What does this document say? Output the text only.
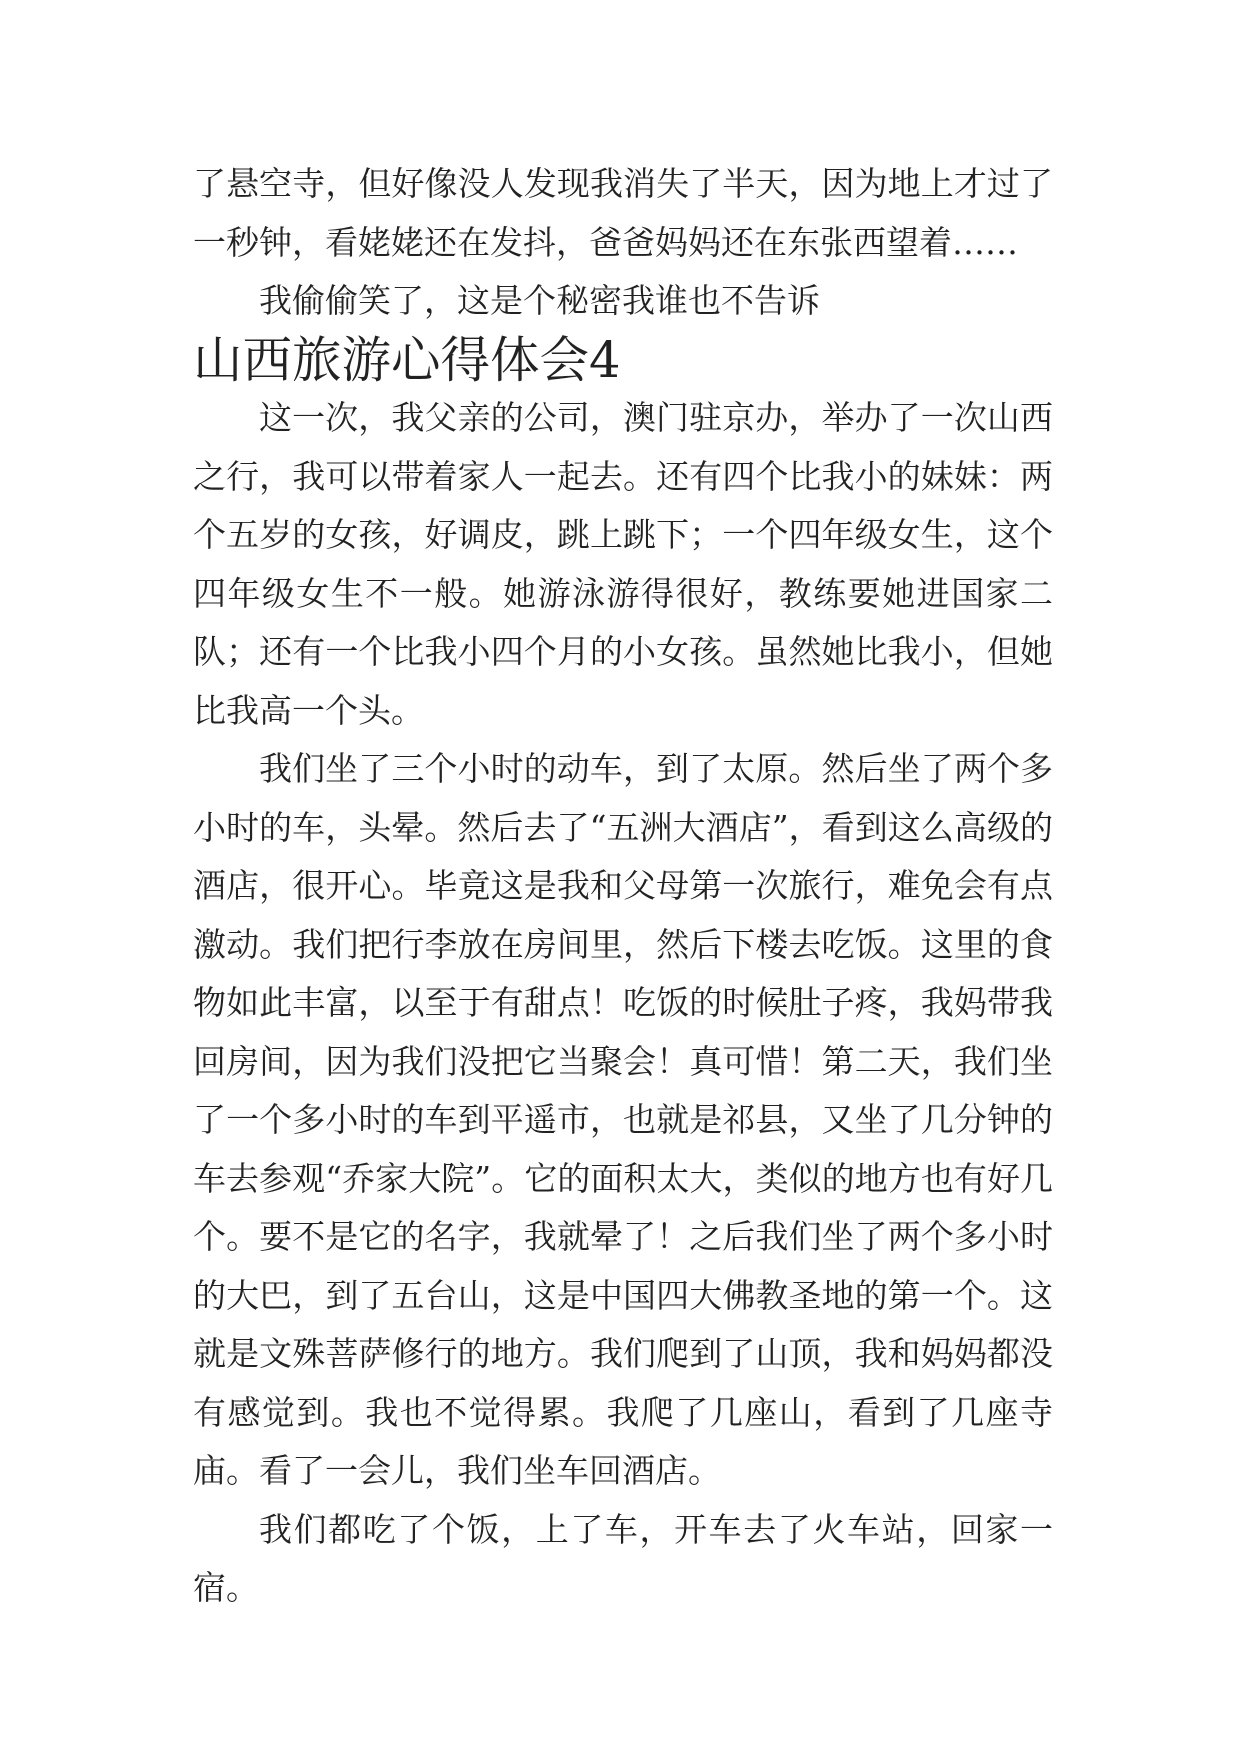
了悬空寺，但好像没人发现我消失了半天，因为地上才过了一秒钟，看姥姥还在发抖，爸爸妈妈还在东张西望着……

我偷偷笑了，这是个秘密我谁也不告诉

山西旅游心得体会4

这一次，我父亲的公司，澳门驻京办，举办了一次山西之行，我可以带着家人一起去。还有四个比我小的妹妹：两个五岁的女孩，好调皮，跳上跳下；一个四年级女生，这个四年级女生不一般。她游泳游得很好，教练要她进国家二队；还有一个比我小四个月的小女孩。虽然她比我小，但她比我高一个头。

我们坐了三个小时的动车，到了太原。然后坐了两个多小时的车，头晕。然后去了“五洲大酒店”，看到这么高级的酒店，很开心。毕竟这是我和父母第一次旅行，难免会有点激动。我们把行李放在房间里，然后下楼去吃饭。这里的食物如此丰富，以至于有甜点！吃饭的时候肚子疼，我妈带我回房间，因为我们没把它当聚会！真可惜！第二天，我们坐了一个多小时的车到平遥市，也就是祁县，又坐了几分钟的车去参观“乔家大院”。它的面积太大，类似的地方也有好几个。要不是它的名字，我就晕了！之后我们坐了两个多小时的大巴，到了五台山，这是中国四大佛教圣地的第一个。这就是文殊菩萨修行的地方。我们爬到了山顶，我和妈妈都没有感觉到。我也不觉得累。我爬了几座山，看到了几座寺庙。看了一会儿，我们坐车回酒店。

我们都吃了个饭，上了车，开车去了火车站，回家一宿。
